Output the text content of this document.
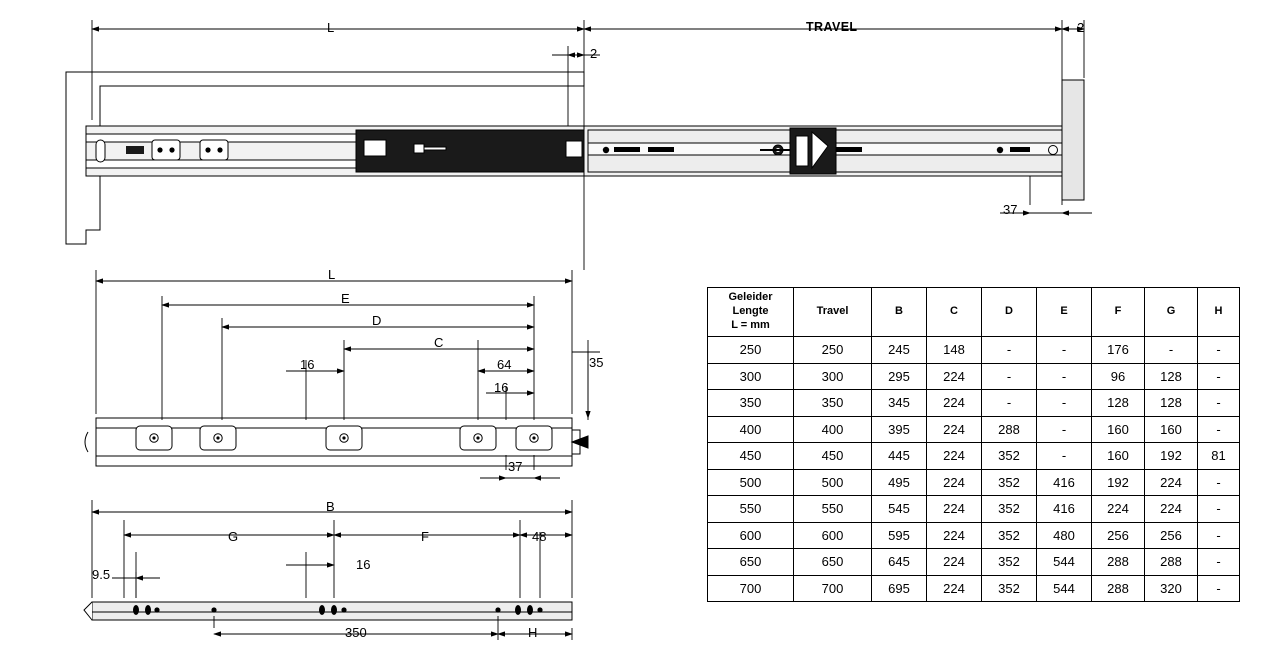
L	TRAVEL	2
2
37
L
E
D
C
16	64
16
35
37
B
G	F	48
16
9.5
350	H
Geleider
Lengte
L = mm	Travel	B	C	D	E	F	G	H
250	250	245	148	-	-	176	-	-
300	300	295	224	-	-	96	128	-
350	350	345	224	-	-	128	128	-
400	400	395	224	288	-	160	160	-
450	450	445	224	352	-	160	192	81
500	500	495	224	352	416	192	224	-
550	550	545	224	352	416	224	224	-
600	600	595	224	352	480	256	256	-
650	650	645	224	352	544	288	288	-
700	700	695	224	352	544	288	320	-
